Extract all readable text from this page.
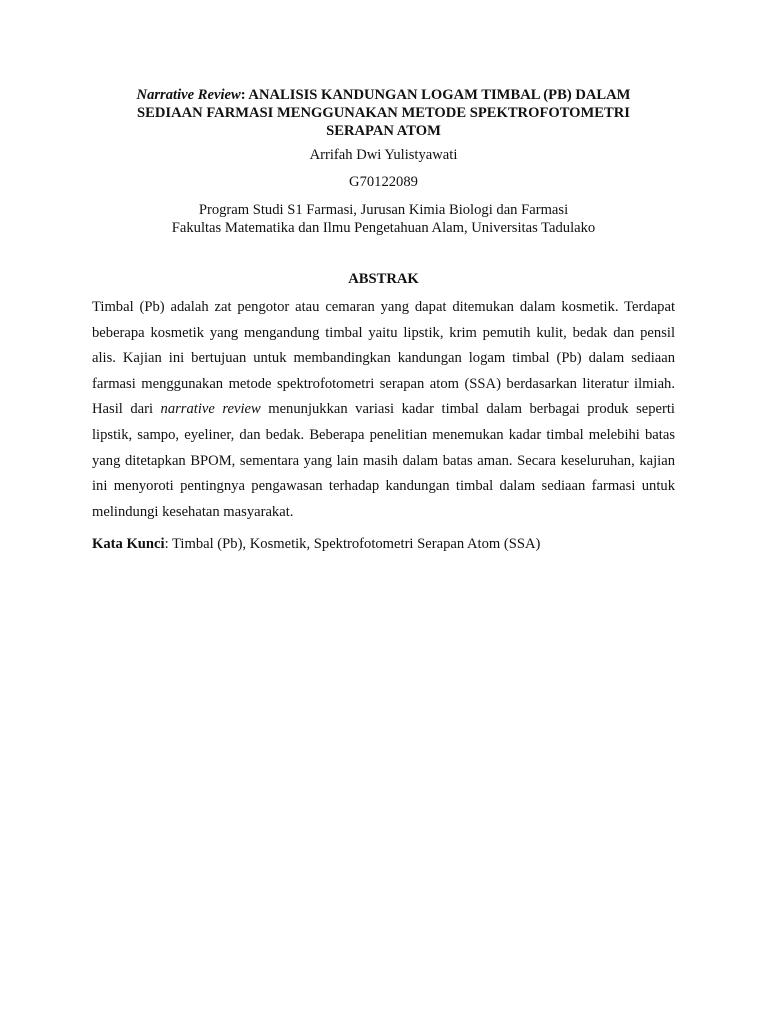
Narrative Review: ANALISIS KANDUNGAN LOGAM TIMBAL (PB) DALAM SEDIAAN FARMASI MENGGUNAKAN METODE SPEKTROFOTOMETRI SERAPAN ATOM
Arrifah Dwi Yulistyawati
G70122089
Program Studi S1 Farmasi, Jurusan Kimia Biologi dan Farmasi
Fakultas Matematika dan Ilmu Pengetahuan Alam, Universitas Tadulako
ABSTRAK
Timbal (Pb) adalah zat pengotor atau cemaran yang dapat ditemukan dalam kosmetik. Terdapat beberapa kosmetik yang mengandung timbal yaitu lipstik, krim pemutih kulit, bedak dan pensil alis. Kajian ini bertujuan untuk membandingkan kandungan logam timbal (Pb) dalam sediaan farmasi menggunakan metode spektrofotometri serapan atom (SSA) berdasarkan literatur ilmiah. Hasil dari narrative review menunjukkan variasi kadar timbal dalam berbagai produk seperti lipstik, sampo, eyeliner, dan bedak. Beberapa penelitian menemukan kadar timbal melebihi batas yang ditetapkan BPOM, sementara yang lain masih dalam batas aman. Secara keseluruhan, kajian ini menyoroti pentingnya pengawasan terhadap kandungan timbal dalam sediaan farmasi untuk melindungi kesehatan masyarakat.
Kata Kunci: Timbal (Pb), Kosmetik, Spektrofotometri Serapan Atom (SSA)
